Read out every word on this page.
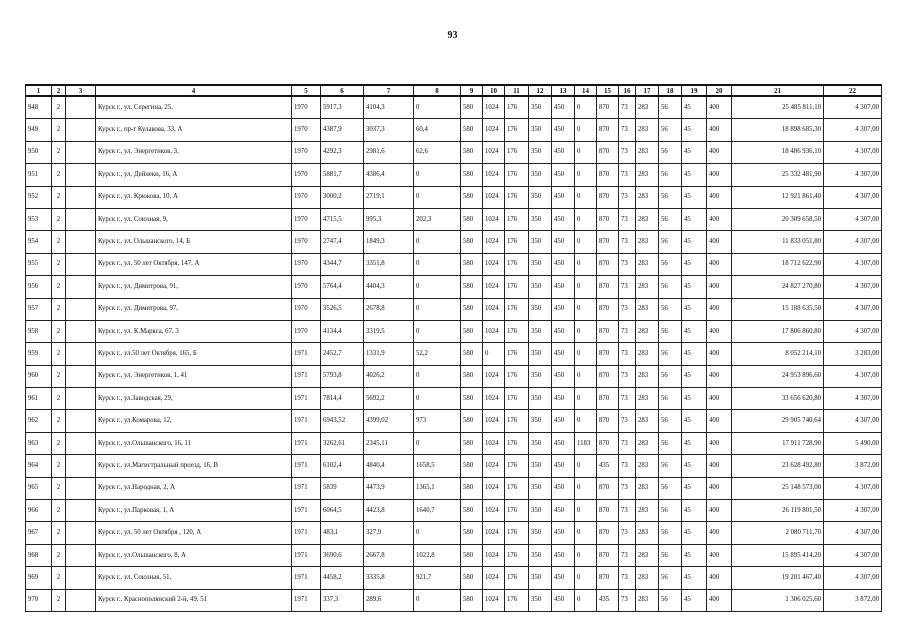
93
1	2	3	4	5	6	7	8	9	10	11	12	13	14	15	16	17	18	19	20	21	22
948	2		Курск г., ул. Серегина, 25,	1970	5917,3	4104,3	0	580	1024	176	350	450	0	870	73	283	56	45	400	25 485 811,10	4 307,00
949	2		Курск г., пр-т Кулакова, 33, А	1970	4387,9	3037,3	60,4	580	1024	176	350	450	0	870	73	283	56	45	400	18 898 685,30	4 307,00
950	2		Курск г., ул. Энергетиков, 3,	1970	4292,3	2981,6	62,6	580	1024	176	350	450	0	870	73	283	56	45	400	18 486 936,10	4 307,00
951	2		Курск г., ул. Дейнеки, 16, А	1970	5881,7	4386,4	0	580	1024	176	350	450	0	870	73	283	56	45	400	25 332 481,90	4 307,00
952	2		Курск г., ул. Крюкова, 10, А	1970	3000,2	2719,1	0	580	1024	176	350	450	0	870	73	283	56	45	400	12 921 861,40	4 307,00
953	2		Курск г., ул. Союзная, 9,	1970	4715,5	995,3	202,3	580	1024	176	350	450	0	870	73	283	56	45	400	20 309 658,50	4 307,00
954	2		Курск г., ул. Ольшанского, 14, Б	1970	2747,4	1849,3	0	580	1024	176	350	450	0	870	73	283	56	45	400	11 833 051,80	4 307,00
955	2		Курск г., ул. 50 лет Октября, 147, А	1970	4344,7	3351,8	0	580	1024	176	350	450	0	870	73	283	56	45	400	18 712 622,90	4 307,00
956	2		Курск г., ул. Димитрова, 91,	1970	5764,4	4404,3	0	580	1024	176	350	450	0	870	73	283	56	45	400	24 827 270,80	4 307,00
957	2		Курск г., ул. Димитрова, 97,	1970	3526,5	2678,8	0	580	1024	176	350	450	0	870	73	283	56	45	400	15 188 635,50	4 307,00
958	2		Курск г., ул. К.Маркса, 67, 3	1970	4134,4	3319,5	0	580	1024	176	350	450	0	870	73	283	56	45	400	17 806 860,80	4 307,00
959	2		Курск г., ул.50 лет Октября, 165, Б	1971	2452,7	1331,9	52,2	580	0	176	350	450	0	870	73	283	56	45	400	8 052 214,10	3 283,00
960	2		Курск г., ул. Энергетиков, 1, 41	1971	5793,8	4026,2	0	580	1024	176	350	450	0	870	73	283	56	45	400	24 953 896,60	4 307,00
961	2		Курск г., ул.Заводская, 29,	1971	7814,4	5692,2	0	580	1024	176	350	450	0	870	73	283	56	45	400	33 656 620,80	4 307,00
962	2		Курск г., ул.Комарова, 12,	1971	6943,52	4399,02	973	580	1024	176	350	450	0	870	73	283	56	45	400	29 905 740,64	4 307,00
963	2		Курск г., ул.Ольшанского, 16, 11	1971	3262,61	2345,11	0	580	1024	176	350	450	1183	870	73	283	56	45	400	17 911 728,90	5 490,00
964	2		Курск г., ул.Магистральный проезд, 16, В	1971	6102,4	4840,4	1658,5	580	1024	176	350	450	0	435	73	283	56	45	400	23 628 492,80	3 872,00
965	2		Курск г., ул.Народная, 2, А	1971	5839	4473,9	1365,1	580	1024	176	350	450	0	870	73	283	56	45	400	25 148 573,00	4 307,00
966	2		Курск г., ул.Парковая, 1, А	1971	6064,5	4423,8	1640,7	580	1024	176	350	450	0	870	73	283	56	45	400	26 119 801,50	4 307,00
967	2		Курск г., ул. 50 лет Октября , 120, А	1971	483,1	327,9	0	580	1024	176	350	450	0	870	73	283	56	45	400	2 080 711,70	4 307,00
968	2		Курск г., ул.Ольшанского, 8, А	1971	3690,6	2667,8	1022,8	580	1024	176	350	450	0	870	73	283	56	45	400	15 895 414,20	4 307,00
969	2		Курск г., ул. Союзная, 51,	1971	4458,2	3335,8	921,7	580	1024	176	350	450	0	870	73	283	56	45	400	19 201 467,40	4 307,00
970	2		Курск г., Краснополянский 2-й, 49, 51	1971	337,3	289,6	0	580	1024	176	350	450	0	435	73	283	56	45	400	1 306 025,60	3 872,00
